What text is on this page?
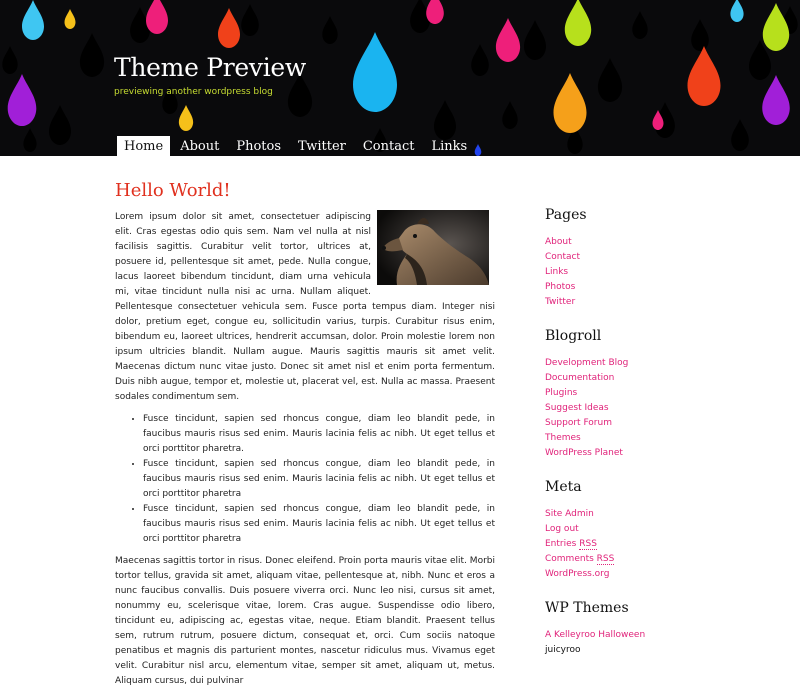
Theme Preview
previewing another wordpress blog
Home	About	Photos	Twitter	Contact	Links
Hello World!

Lorem ipsum dolor sit amet, consectetuer adipiscing elit. Cras egestas odio quis sem. Nam vel nulla at nisl facilisis sagittis. Curabitur velit tortor, ultrices at, posuere id, pellentesque sit amet, pede. Nulla congue, lacus laoreet bibendum tincidunt, diam urna vehicula mi, vitae tincidunt nulla nisi ac urna. Nullam aliquet. Pellentesque consectetuer vehicula sem. Fusce porta tempus diam. Integer nisi dolor, pretium eget, congue eu, sollicitudin varius, turpis. Curabitur risus enim, bibendum eu, laoreet ultrices, hendrerit accumsan, dolor. Proin molestie lorem non ipsum ultricies blandit. Nullam augue. Mauris sagittis mauris sit amet velit. Maecenas dictum nunc vitae justo. Donec sit amet nisl et enim porta fermentum. Duis nibh augue, tempor et, molestie ut, placerat vel, est. Nulla ac massa. Praesent sodales condimentum sem.

• Fusce tincidunt, sapien sed rhoncus congue, diam leo blandit pede, in faucibus mauris risus sed enim. Mauris lacinia felis ac nibh. Ut eget tellus et orci porttitor pharetra.
• Fusce tincidunt, sapien sed rhoncus congue, diam leo blandit pede, in faucibus mauris risus sed enim. Mauris lacinia felis ac nibh. Ut eget tellus et orci porttitor pharetra
• Fusce tincidunt, sapien sed rhoncus congue, diam leo blandit pede, in faucibus mauris risus sed enim. Mauris lacinia felis ac nibh. Ut eget tellus et orci porttitor pharetra

Maecenas sagittis tortor in risus. Donec eleifend. Proin porta mauris vitae elit. Morbi tortor tellus, gravida sit amet, aliquam vitae, pellentesque at, nibh. Nunc et eros a nunc faucibus convallis. Duis posuere viverra orci. Nunc leo nisi, cursus sit amet, nonummy eu, scelerisque vitae, lorem. Cras augue. Suspendisse odio libero, tincidunt eu, adipiscing ac, egestas vitae, neque. Etiam blandit. Praesent tellus sem, rutrum rutrum, posuere dictum, consequat et, orci. Cum sociis natoque penatibus et magnis dis parturient montes, nascetur ridiculus mus. Vivamus eget velit. Curabitur nisl arcu, elementum vitae, semper sit amet, aliquam ut, metus. Aliquam cursus, dui pulvinar

Pages
About
Contact
Links
Photos
Twitter
Blogroll
Development Blog
Documentation
Plugins
Suggest Ideas
Support Forum
Themes
WordPress Planet
Meta
Site Admin
Log out
Entries RSS
Comments RSS
WordPress.org
WP Themes
A Kelleyroo Halloween
juicyroo
